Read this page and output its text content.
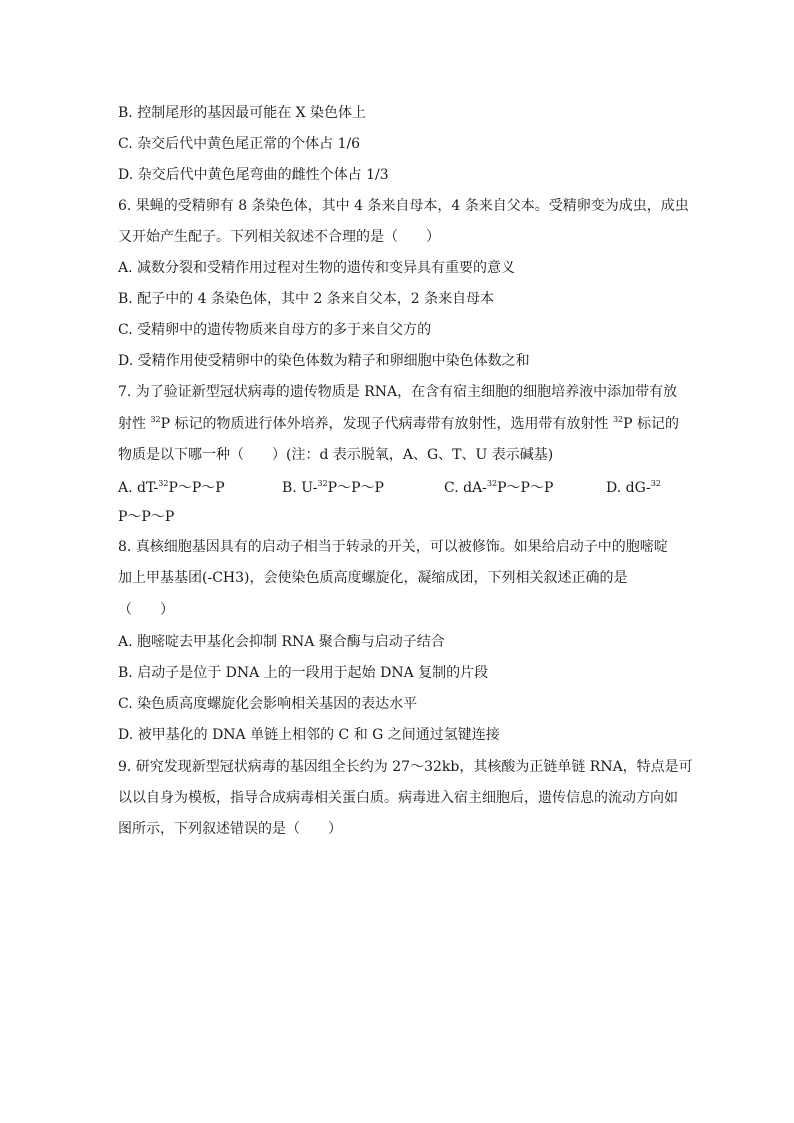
B. 控制尾形的基因最可能在 X 染色体上

C. 杂交后代中黄色尾正常的个体占 1/6

D. 杂交后代中黄色尾弯曲的雌性个体占 1/3

6. 果蝇的受精卵有 8 条染色体，其中 4 条来自母本，4 条来自父本。受精卵变为成虫，成虫

又开始产生配子。下列相关叙述不合理的是（　　）

A. 减数分裂和受精作用过程对生物的遗传和变异具有重要的意义

B. 配子中的 4 条染色体，其中 2 条来自父本，2 条来自母本

C. 受精卵中的遗传物质来自母方的多于来自父方的

D. 受精作用使受精卵中的染色体数为精子和卵细胞中染色体数之和

7. 为了验证新型冠状病毒的遗传物质是 RNA，在含有宿主细胞的细胞培养液中添加带有放

射性 $^{32}$P 标记的物质进行体外培养，发现子代病毒带有放射性，选用带有放射性 $^{32}$P 标记的

物质是以下哪一种（　　）(注：d 表示脱氧，A、G、T、U 表示碱基)

A. dT-$^{32}$P～P～P	B. U-$^{32}$P～P～P	C. dA-$^{32}$P～P～P	D. dG-$^{32}$

P～P～P

8. 真核细胞基因具有的启动子相当于转录的开关，可以被修饰。如果给启动子中的胞嘧啶

加上甲基基团(-CH3)，会使染色质高度螺旋化，凝缩成团，下列相关叙述正确的是

（　　）

A. 胞嘧啶去甲基化会抑制 RNA 聚合酶与启动子结合

B. 启动子是位于 DNA 上的一段用于起始 DNA 复制的片段

C. 染色质高度螺旋化会影响相关基因的表达水平

D. 被甲基化的 DNA 单链上相邻的 C 和 G 之间通过氢键连接

9. 研究发现新型冠状病毒的基因组全长约为 27～32kb，其核酸为正链单链 RNA，特点是可

以以自身为模板，指导合成病毒相关蛋白质。病毒进入宿主细胞后，遗传信息的流动方向如

图所示，下列叙述错误的是（　　）
